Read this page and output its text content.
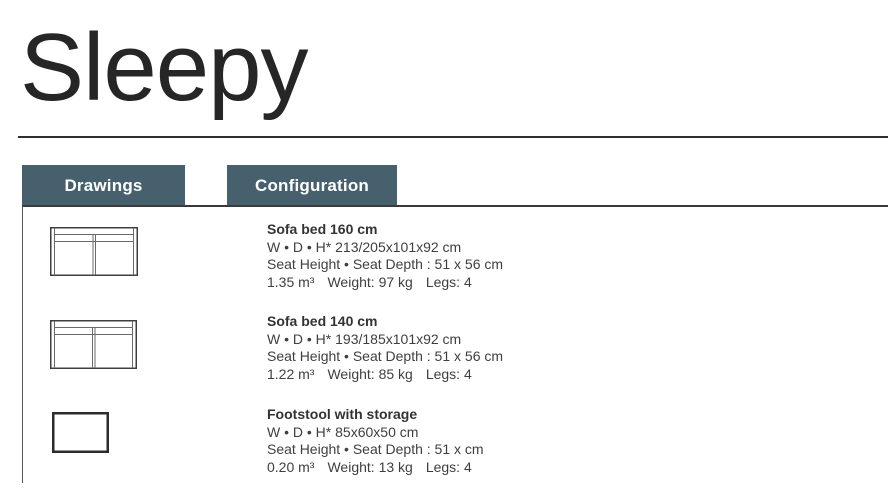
Sleepy
Drawings	Configuration
Sofa bed 160 cm
W • D • H* 213/205x101x92 cm
Seat Height • Seat Depth : 51 x 56 cm
1.35 m³ Weight: 97 kg Legs: 4
Sofa bed 140 cm
W • D • H* 193/185x101x92 cm
Seat Height • Seat Depth : 51 x 56 cm
1.22 m³ Weight: 85 kg Legs: 4
Footstool with storage
W • D • H* 85x60x50 cm
Seat Height • Seat Depth : 51 x cm
0.20 m³ Weight: 13 kg Legs: 4
